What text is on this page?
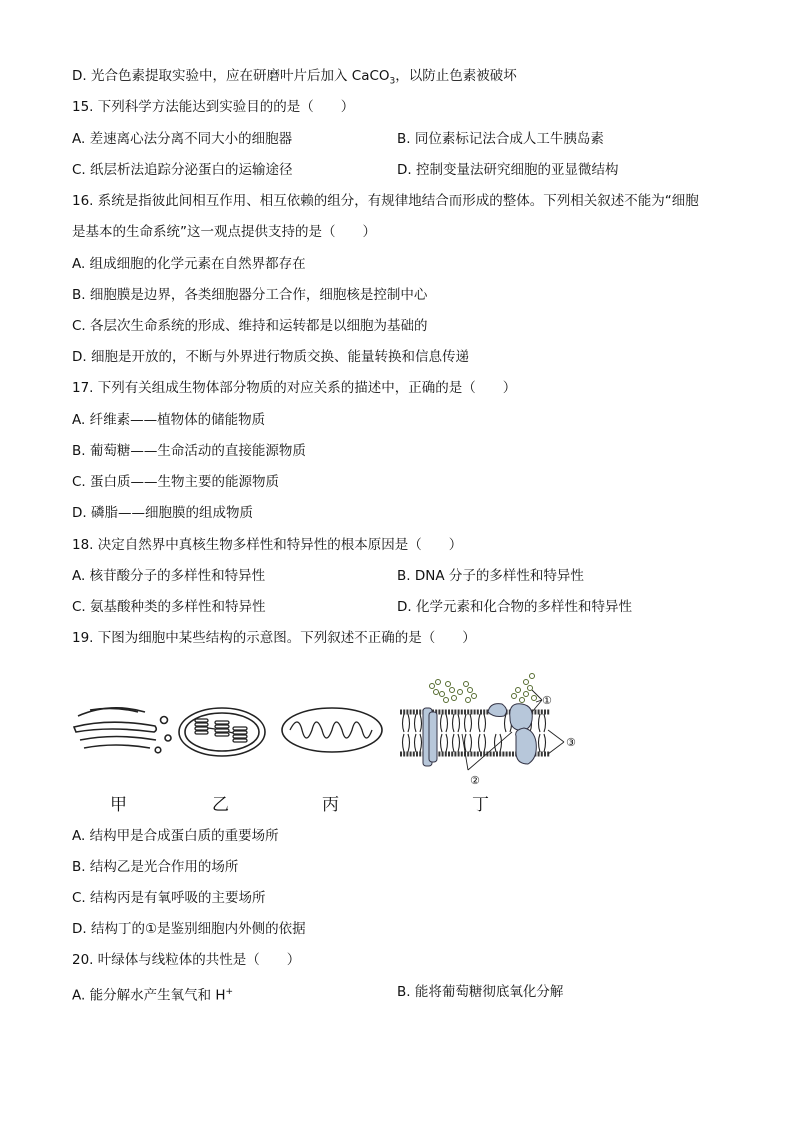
D. 光合色素提取实验中，应在研磨叶片后加入 CaCO$_3$，以防止色素被破坏
15. 下列科学方法能达到实验目的的是（　　）
A. 差速离心法分离不同大小的细胞器	B. 同位素标记法合成人工牛胰岛素
C. 纸层析法追踪分泌蛋白的运输途径	D. 控制变量法研究细胞的亚显微结构
16. 系统是指彼此间相互作用、相互依赖的组分，有规律地结合而形成的整体。下列相关叙述不能为“细胞
是基本的生命系统”这一观点提供支持的是（　　）
A. 组成细胞的化学元素在自然界都存在
B. 细胞膜是边界，各类细胞器分工合作，细胞核是控制中心
C. 各层次生命系统的形成、维持和运转都是以细胞为基础的
D. 细胞是开放的，不断与外界进行物质交换、能量转换和信息传递
17. 下列有关组成生物体部分物质的对应关系的描述中，正确的是（　　）
A. 纤维素——植物体的储能物质
B. 葡萄糖——生命活动的直接能源物质
C. 蛋白质——生物主要的能源物质
D. 磷脂——细胞膜的组成物质
18. 决定自然界中真核生物多样性和特异性的根本原因是（　　）
A. 核苷酸分子的多样性和特异性	B. DNA 分子的多样性和特异性
C. 氨基酸种类的多样性和特异性	D. 化学元素和化合物的多样性和特异性
19. 下图为细胞中某些结构的示意图。下列叙述不正确的是（　　）
①
②
③
甲	乙	丙	丁
A. 结构甲是合成蛋白质的重要场所
B. 结构乙是光合作用的场所
C. 结构丙是有氧呼吸的主要场所
D. 结构丁的①是鉴别细胞内外侧的依据
20. 叶绿体与线粒体的共性是（　　）
A. 能分解水产生氧气和 H+	B. 能将葡萄糖彻底氧化分解
